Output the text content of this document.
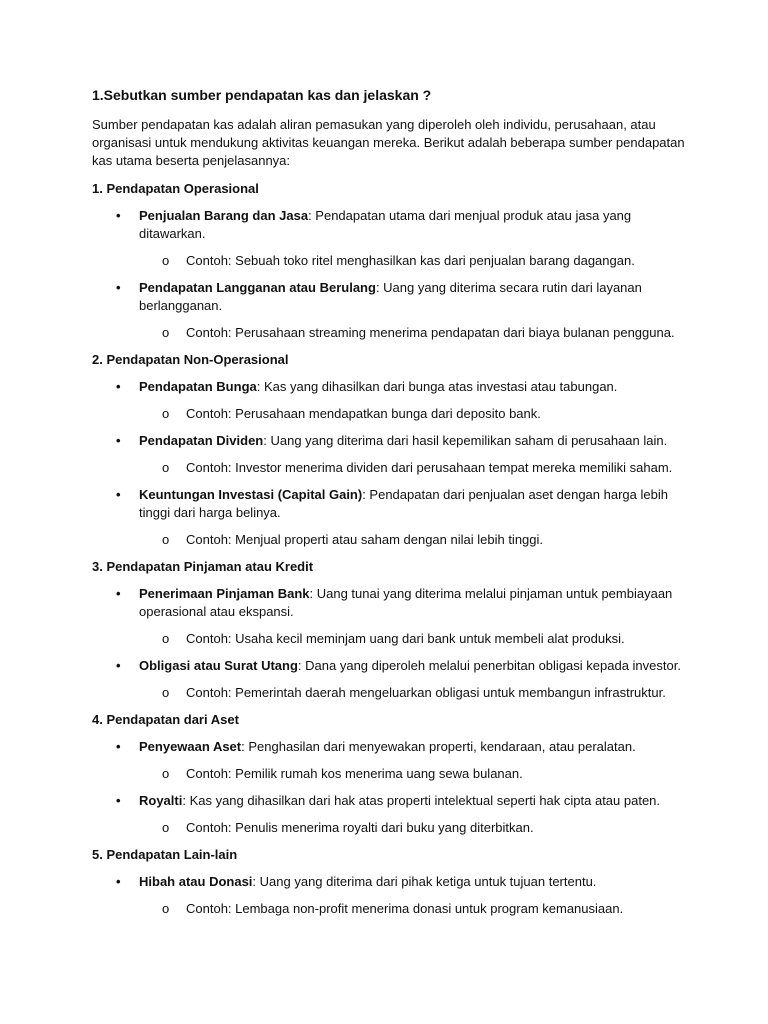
1.Sebutkan sumber pendapatan kas dan jelaskan ?
Sumber pendapatan kas adalah aliran pemasukan yang diperoleh oleh individu, perusahaan, atau organisasi untuk mendukung aktivitas keuangan mereka. Berikut adalah beberapa sumber pendapatan kas utama beserta penjelasannya:
1. Pendapatan Operasional
• Penjualan Barang dan Jasa: Pendapatan utama dari menjual produk atau jasa yang ditawarkan.
o Contoh: Sebuah toko ritel menghasilkan kas dari penjualan barang dagangan.
• Pendapatan Langganan atau Berulang: Uang yang diterima secara rutin dari layanan berlangganan.
o Contoh: Perusahaan streaming menerima pendapatan dari biaya bulanan pengguna.
2. Pendapatan Non-Operasional
• Pendapatan Bunga: Kas yang dihasilkan dari bunga atas investasi atau tabungan.
o Contoh: Perusahaan mendapatkan bunga dari deposito bank.
• Pendapatan Dividen: Uang yang diterima dari hasil kepemilikan saham di perusahaan lain.
o Contoh: Investor menerima dividen dari perusahaan tempat mereka memiliki saham.
• Keuntungan Investasi (Capital Gain): Pendapatan dari penjualan aset dengan harga lebih tinggi dari harga belinya.
o Contoh: Menjual properti atau saham dengan nilai lebih tinggi.
3. Pendapatan Pinjaman atau Kredit
• Penerimaan Pinjaman Bank: Uang tunai yang diterima melalui pinjaman untuk pembiayaan operasional atau ekspansi.
o Contoh: Usaha kecil meminjam uang dari bank untuk membeli alat produksi.
• Obligasi atau Surat Utang: Dana yang diperoleh melalui penerbitan obligasi kepada investor.
o Contoh: Pemerintah daerah mengeluarkan obligasi untuk membangun infrastruktur.
4. Pendapatan dari Aset
• Penyewaan Aset: Penghasilan dari menyewakan properti, kendaraan, atau peralatan.
o Contoh: Pemilik rumah kos menerima uang sewa bulanan.
• Royalti: Kas yang dihasilkan dari hak atas properti intelektual seperti hak cipta atau paten.
o Contoh: Penulis menerima royalti dari buku yang diterbitkan.
5. Pendapatan Lain-lain
• Hibah atau Donasi: Uang yang diterima dari pihak ketiga untuk tujuan tertentu.
o Contoh: Lembaga non-profit menerima donasi untuk program kemanusiaan.
